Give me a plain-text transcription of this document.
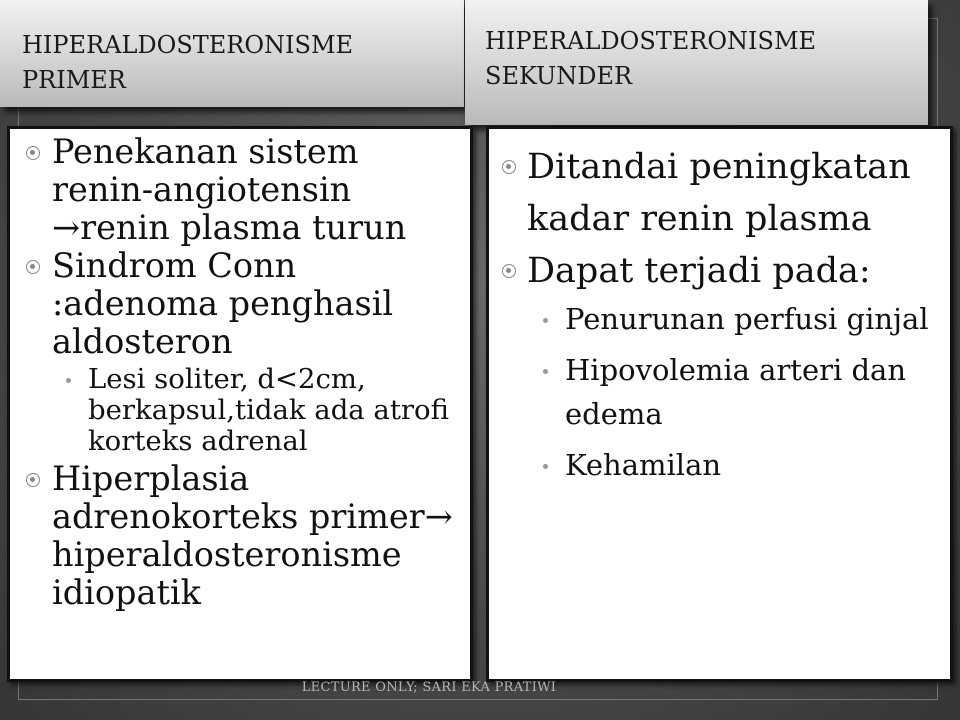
HIPERALDOSTERONISME PRIMER
HIPERALDOSTERONISME SEKUNDER
Penekanan sistem renin-angiotensin →renin plasma turun
Sindrom Conn :adenoma penghasil aldosteron
Lesi soliter, d<2cm, berkapsul,tidak ada atrofi korteks adrenal
Hiperplasia adrenokorteks primer→ hiperaldosteronisme idiopatik
Ditandai peningkatan kadar renin plasma
Dapat terjadi pada:
Penurunan perfusi ginjal
Hipovolemia arteri dan edema
Kehamilan
LECTURE ONLY; SARI EKA PRATIWI
